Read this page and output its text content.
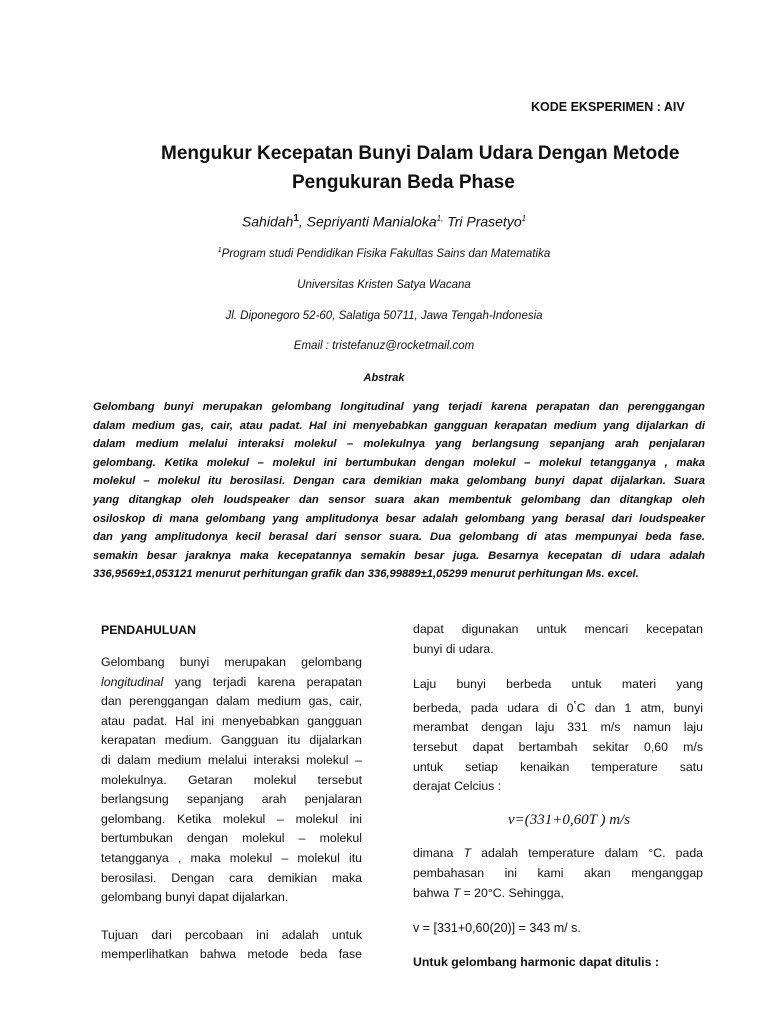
KODE EKSPERIMEN : AIV
Mengukur Kecepatan Bunyi Dalam Udara Dengan Metode
Pengukuran Beda Phase
Sahidah$^1$, Sepriyanti Manialoka$^{1,}$ Tri Prasetyo$^1$
$^1$Program studi Pendidikan Fisika Fakultas Sains dan Matematika
Universitas Kristen Satya Wacana
Jl. Diponegoro 52-60, Salatiga 50711, Jawa Tengah-Indonesia
Email : tristefanuz@rocketmail.com
Abstrak
Gelombang bunyi merupakan gelombang longitudinal yang terjadi karena perapatan dan perenggangan
dalam medium gas, cair, atau padat. Hal ini menyebabkan gangguan kerapatan medium yang dijalarkan di
dalam medium melalui interaksi molekul – molekulnya yang berlangsung sepanjang arah penjalaran
gelombang. Ketika molekul – molekul ini bertumbukan dengan molekul – molekul tetangganya , maka
molekul – molekul itu berosilasi. Dengan cara demikian maka gelombang bunyi dapat dijalarkan. Suara
yang ditangkap oleh loudspeaker dan sensor suara akan membentuk gelombang dan ditangkap oleh
osiloskop di mana gelombang yang amplitudonya besar adalah gelombang yang berasal dari loudspeaker
dan yang amplitudonya kecil berasal dari sensor suara. Dua gelombang di atas mempunyai beda fase.
semakin besar jaraknya maka kecepatannya semakin besar juga. Besarnya kecepatan di udara adalah
336,9569±1,053121 menurut perhitungan grafik dan 336,99889±1,05299 menurut perhitungan Ms. excel.
PENDAHULUAN
Gelombang bunyi merupakan gelombang
longitudinal yang terjadi karena perapatan
dan perenggangan dalam medium gas, cair,
atau padat. Hal ini menyebabkan gangguan
kerapatan medium. Gangguan itu dijalarkan
di dalam medium melalui interaksi molekul –
molekulnya. Getaran molekul tersebut
berlangsung sepanjang arah penjalaran
gelombang. Ketika molekul – molekul ini
bertumbukan dengan molekul – molekul
tetangganya , maka molekul – molekul itu
berosilasi. Dengan cara demikian maka
gelombang bunyi dapat dijalarkan.
Tujuan dari percobaan ini adalah untuk
memperlihatkan bahwa metode beda fase
dapat digunakan untuk mencari kecepatan
bunyi di udara.
Laju bunyi berbeda untuk materi yang
berbeda, pada udara di 0°C dan 1 atm, bunyi
merambat dengan laju 331 m/s namun laju
tersebut dapat bertambah sekitar 0,60 m/s
untuk setiap kenaikan temperature satu
derajat Celcius :
v=(331+0,60T ) m/s
dimana T adalah temperature dalam °C. pada
pembahasan ini kami akan menganggap
bahwa T = 20°C. Sehingga,
v = [331+0,60(20)] = 343 m/ s.
Untuk gelombang harmonic dapat ditulis :
